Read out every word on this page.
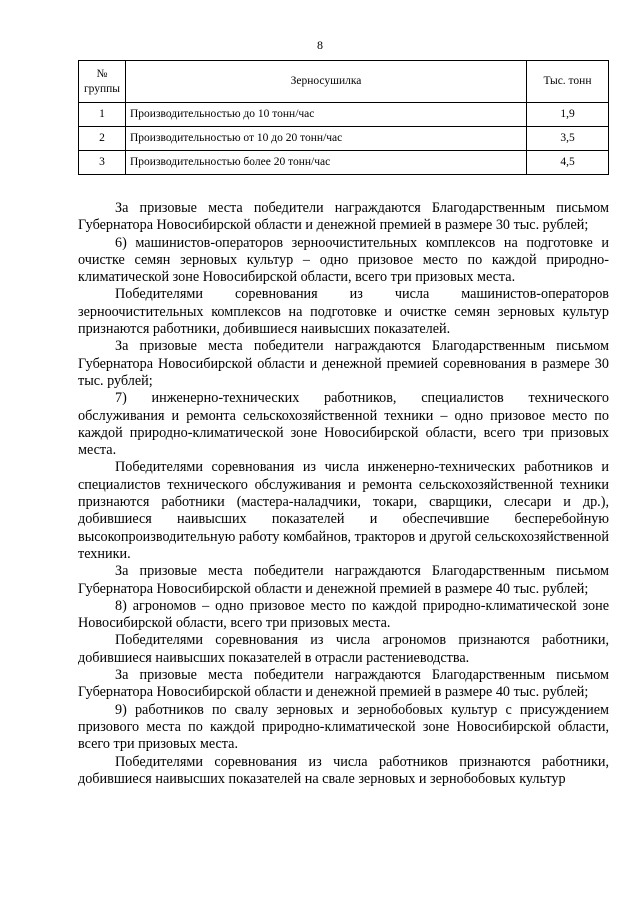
8
№ группы	Зерносушилка	Тыс. тонн
1	Производительностью до 10 тонн/час	1,9
2	Производительностью от 10 до 20 тонн/час	3,5
3	Производительностью более 20 тонн/час	4,5

За призовые места победители награждаются Благодарственным письмом Губернатора Новосибирской области и денежной премией в размере 30 тыс. рублей;

6) машинистов-операторов зерноочистительных комплексов на подготовке и очистке семян зерновых культур – одно призовое место по каждой природно-климатической зоне Новосибирской области, всего три призовых места.

Победителями соревнования из числа машинистов-операторов зерноочистительных комплексов на подготовке и очистке семян зерновых культур признаются работники, добившиеся наивысших показателей.

За призовые места победители награждаются Благодарственным письмом Губернатора Новосибирской области и денежной премией соревнования в размере 30 тыс. рублей;

7) инженерно-технических работников, специалистов технического обслуживания и ремонта сельскохозяйственной техники – одно призовое место по каждой природно-климатической зоне Новосибирской области, всего три призовых места.

Победителями соревнования из числа инженерно-технических работников и специалистов технического обслуживания и ремонта сельскохозяйственной техники признаются работники (мастера-наладчики, токари, сварщики, слесари и др.), добившиеся наивысших показателей и обеспечившие бесперебойную высокопроизводительную работу комбайнов, тракторов и другой сельскохозяйственной техники.

За призовые места победители награждаются Благодарственным письмом Губернатора Новосибирской области и денежной премией в размере 40 тыс. рублей;

8) агрономов – одно призовое место по каждой природно-климатической зоне Новосибирской области, всего три призовых места.

Победителями соревнования из числа агрономов признаются работники, добившиеся наивысших показателей в отрасли растениеводства.

За призовые места победители награждаются Благодарственным письмом Губернатора Новосибирской области и денежной премией в размере 40 тыс. рублей;

9) работников по свалу зерновых и зернобобовых культур с присуждением призового места по каждой природно-климатической зоне Новосибирской области, всего три призовых места.

Победителями соревнования из числа работников признаются работники, добившиеся наивысших показателей на свале зерновых и зернобобовых культур
